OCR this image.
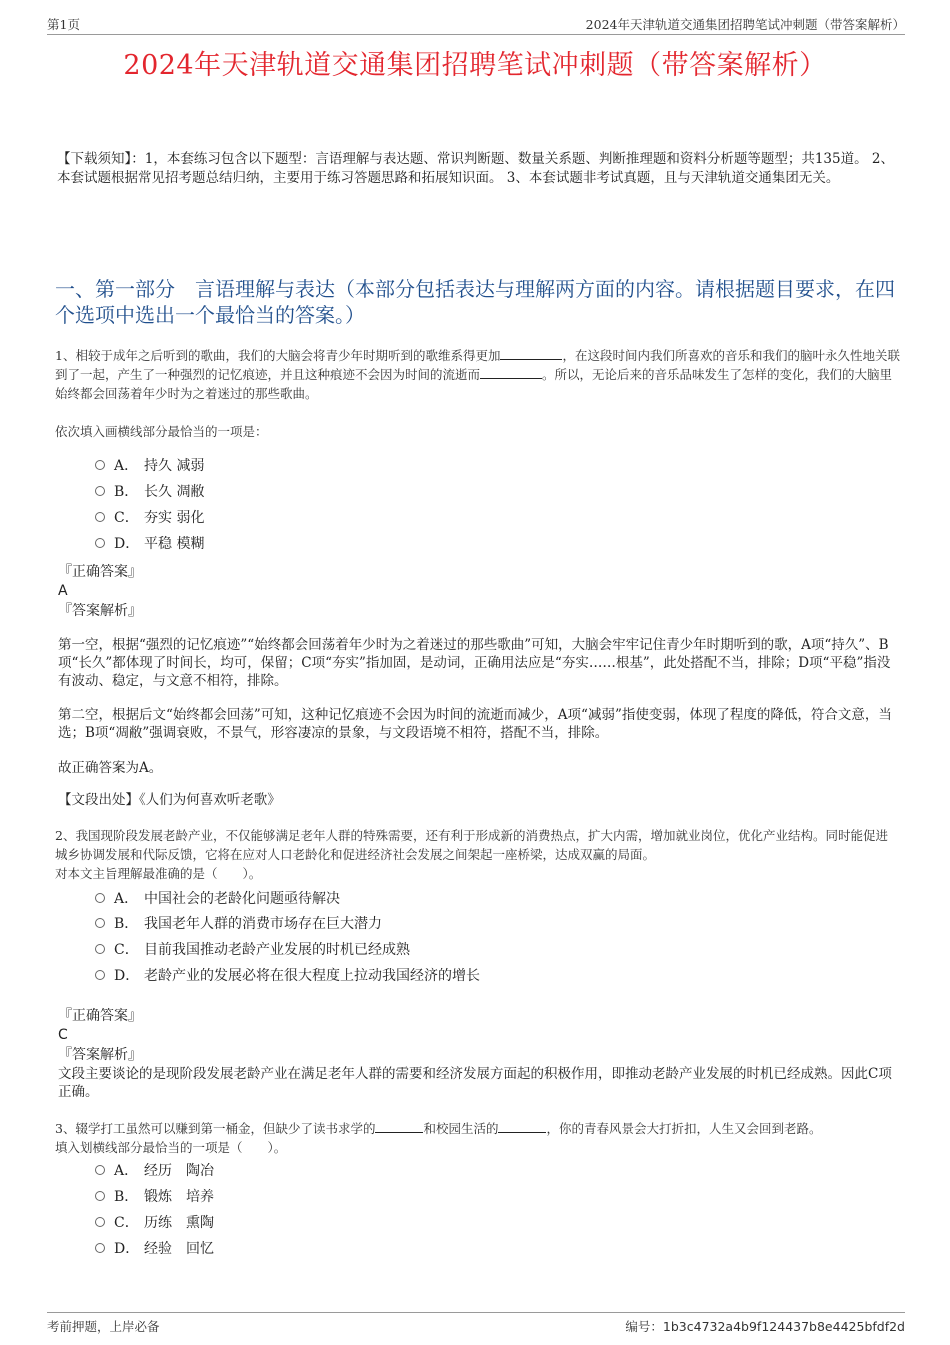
第1页	2024年天津轨道交通集团招聘笔试冲刺题（带答案解析）
2024年天津轨道交通集团招聘笔试冲刺题（带答案解析）
【下载须知】：1，本套练习包含以下题型：言语理解与表达题、常识判断题、数量关系题、判断推理题和资料分析题等题型；共135道。 2、本套试题根据常见招考题总结归纳，主要用于练习答题思路和拓展知识面。 3、本套试题非考试真题，且与天津轨道交通集团无关。
一、第一部分　言语理解与表达（本部分包括表达与理解两方面的内容。请根据题目要求，在四个选项中选出一个最恰当的答案。）
1、相较于成年之后听到的歌曲，我们的大脑会将青少年时期听到的歌维系得更加	，在这段时间内我们所喜欢的音乐和我们的脑叶永久性地关联到了一起，产生了一种强烈的记忆痕迹，并且这种痕迹不会因为时间的流逝而	。所以，无论后来的音乐品味发生了怎样的变化，我们的大脑里始终都会回荡着年少时为之着迷过的那些歌曲。
依次填入画横线部分最恰当的一项是：
A． 持久 减弱
B． 长久 凋敝
C． 夯实 弱化
D． 平稳 模糊
『正确答案』
A
『答案解析』
第一空，根据“强烈的记忆痕迹”“始终都会回荡着年少时为之着迷过的那些歌曲”可知，大脑会牢牢记住青少年时期听到的歌，A项“持久”、B项“长久”都体现了时间长，均可，保留；C项“夯实”指加固，是动词，正确用法应是“夯实……根基”，此处搭配不当，排除；D项“平稳”指没有波动、稳定，与文意不相符，排除。
第二空，根据后文“始终都会回荡”可知，这种记忆痕迹不会因为时间的流逝而减少，A项“减弱”指使变弱，体现了程度的降低，符合文意，当选；B项“凋敝”强调衰败，不景气，形容凄凉的景象，与文段语境不相符，搭配不当，排除。
故正确答案为A。
【文段出处】《人们为何喜欢听老歌》
2、我国现阶段发展老龄产业，不仅能够满足老年人群的特殊需要，还有利于形成新的消费热点，扩大内需，增加就业岗位，优化产业结构。同时能促进城乡协调发展和代际反馈，它将在应对人口老龄化和促进经济社会发展之间架起一座桥梁，达成双赢的局面。
对本文主旨理解最准确的是（　　）。
A． 中国社会的老龄化问题亟待解决
B． 我国老年人群的消费市场存在巨大潜力
C． 目前我国推动老龄产业发展的时机已经成熟
D． 老龄产业的发展必将在很大程度上拉动我国经济的增长
『正确答案』
C
『答案解析』
文段主要谈论的是现阶段发展老龄产业在满足老年人群的需要和经济发展方面起的积极作用，即推动老龄产业发展的时机已经成熟。因此C项正确。
3、辍学打工虽然可以赚到第一桶金，但缺少了读书求学的	和校园生活的	，你的青春风景会大打折扣，人生又会回到老路。
填入划横线部分最恰当的一项是（　　）。
A． 经历　陶冶
B． 锻炼　培养
C． 历练　熏陶
D． 经验　回忆
考前押题，上岸必备	编号：1b3c4732a4b9f124437b8e4425bfdf2d
